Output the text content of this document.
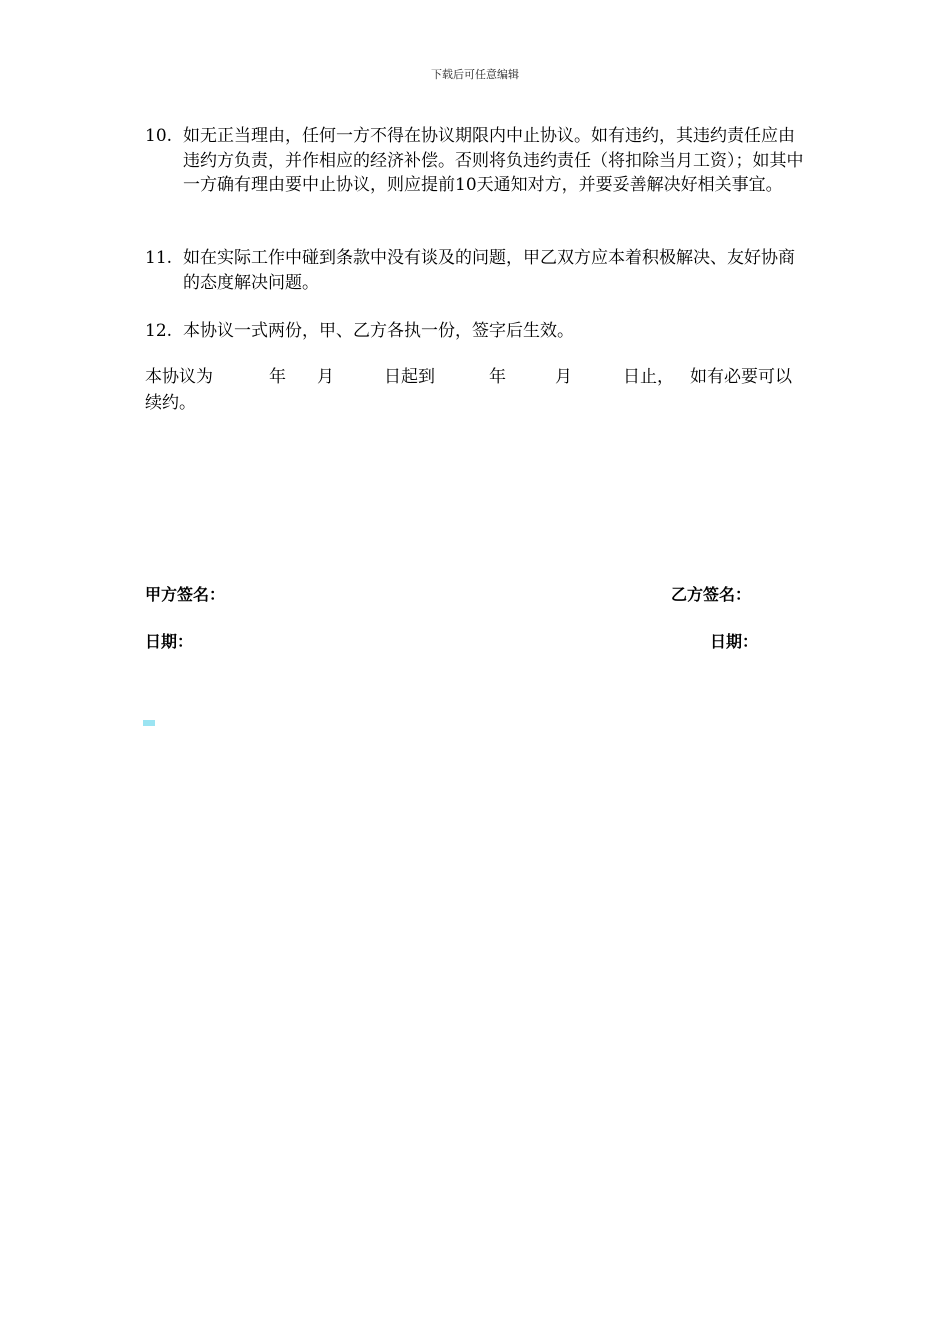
下载后可任意编辑
10. 如无正当理由，任何一方不得在协议期限内中止协议。如有违约，其违约责任应由违约方负责，并作相应的经济补偿。否则将负违约责任（将扣除当月工资）；如其中一方确有理由要中止协议，则应提前10天通知对方，并要妥善解决好相关事宜。
11. 如在实际工作中碰到条款中没有谈及的问题，甲乙双方应本着积极解决、友好协商的态度解决问题。
12. 本协议一式两份，甲、乙方各执一份，签字后生效。
本协议为	年 月	日起到	年	月	日止， 如有必要可以
续约。
甲方签名：	乙方签名：
日期：	日期：
